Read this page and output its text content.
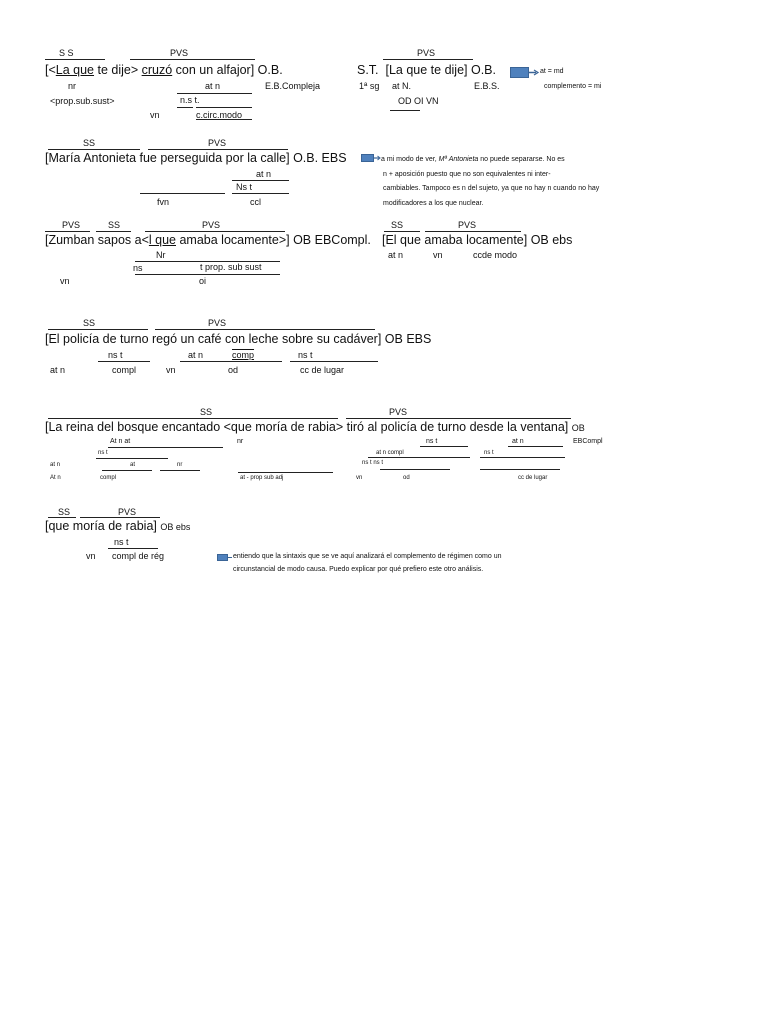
S S	PVS
[<La que te dije> cruzó con un alfajor] O.B.
nr	at n	E.B.Compleja
<prop.sub.sust>	n.s t.
vn	c.circ.modo
PVS
S.T. [La que te dije] O.B.	at = md
1ª sg at N.	E.B.S.	complemento = mi
OD OI VN
SS	PVS
[María Antonieta fue perseguida por la calle] O.B. EBS	a mi modo de ver, Mª Antonieta no puede separarse. No es
n + aposición puesto que no son equivalentes ni inter-
cambiables. Tampoco es n del sujeto, ya que no hay n cuando no hay
modificadores a los que nuclear.
at n
Ns t
fvn	ccl
PVS	SS	PVS
[Zumban sapos a<l que amaba locamente>] OB EBCompl.
Nr
ns	t prop. sub sust
vn	oi
SS	PVS
[El que amaba locamente] OB ebs
at n	vn	ccde modo
SS	PVS
[El policía de turno regó un café con leche sobre su cadáver] OB EBS
ns t	at n	comp	ns t
at n	compl	vn	od	cc de lugar
SS	PVS
[La reina del bosque encantado <que moría de rabia> tiró al policía de turno desde la ventana] OB
At n at	nr	ns t	at n	EBCompl
ns t	at n compl	ns t
at n	at	nr	ns t ns t
At n	compl	at - prop sub adj	vn	od	cc de lugar
SS	PVS
[que moría de rabia] OB ebs
ns t
vn compl de rég	entiendo que la sintaxis que se ve aquí analizará el complemento de régimen como un
circunstancial de modo causa. Puedo explicar por qué prefiero este otro análisis.
